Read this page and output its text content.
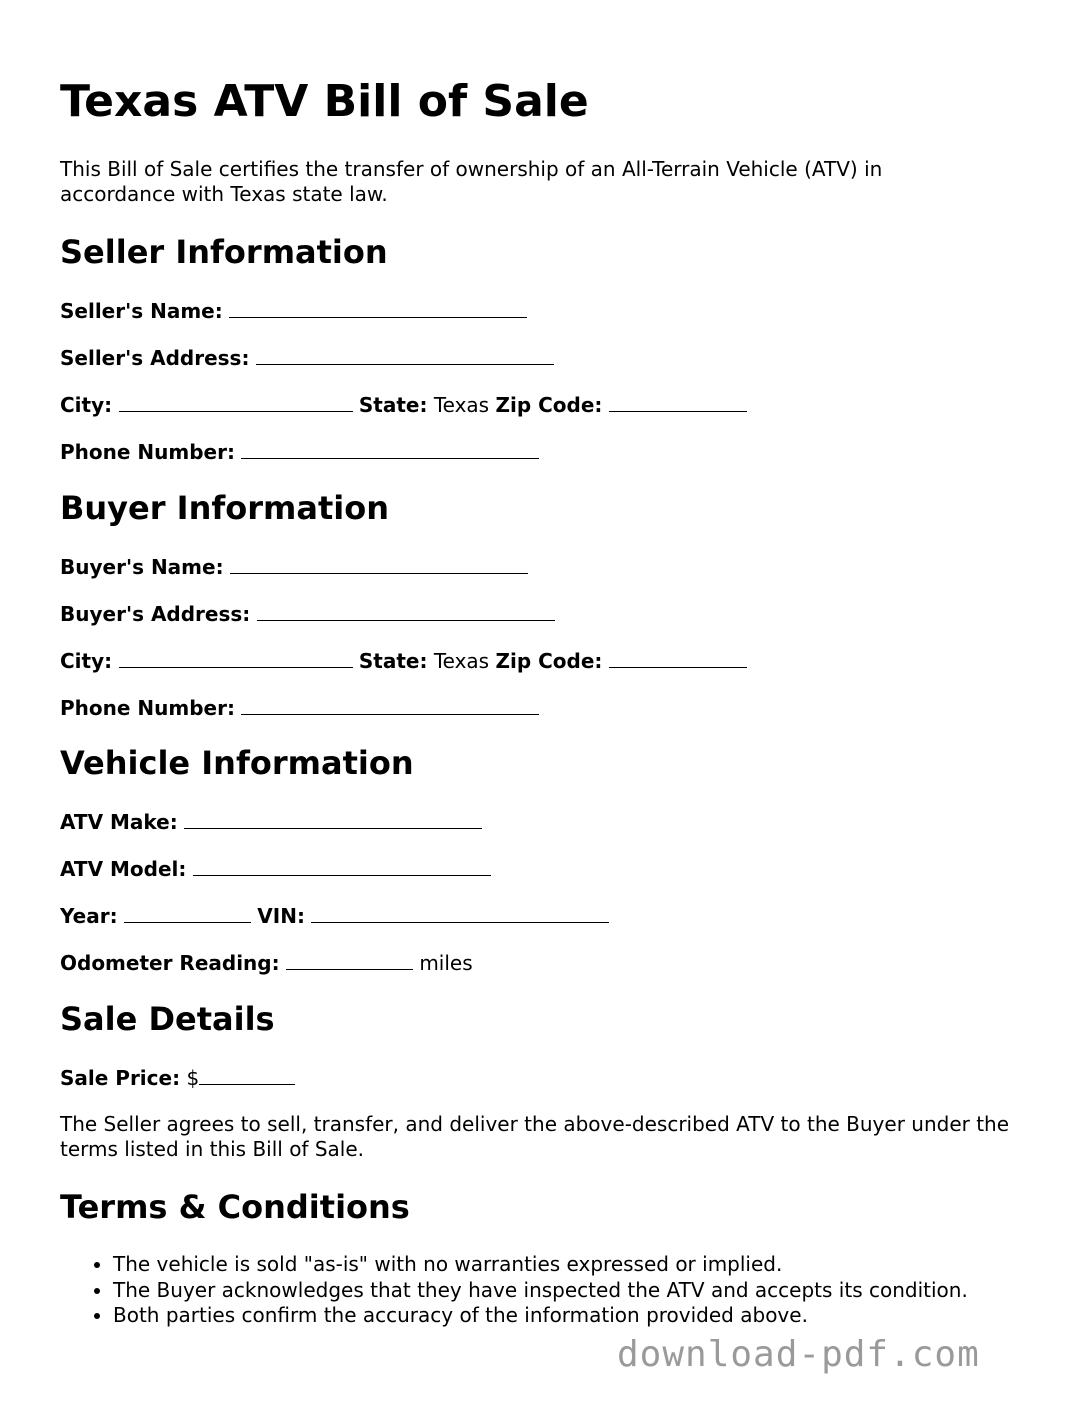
Texas ATV Bill of Sale

This Bill of Sale certifies the transfer of ownership of an All-Terrain Vehicle (ATV) in accordance with Texas state law.

Seller Information
Seller's Name:
Seller's Address:
City:	State: Texas Zip Code:
Phone Number:
Buyer Information
Buyer's Name:
Buyer's Address:
City:	State: Texas Zip Code:
Phone Number:
Vehicle Information
ATV Make:
ATV Model:
Year:	VIN:
Odometer Reading:	miles
Sale Details
Sale Price: $

The Seller agrees to sell, transfer, and deliver the above-described ATV to the Buyer under the terms listed in this Bill of Sale.

Terms & Conditions
• The vehicle is sold "as-is" with no warranties expressed or implied.
• The Buyer acknowledges that they have inspected the ATV and accepts its condition.
• Both parties confirm the accuracy of the information provided above.
download-pdf.com
